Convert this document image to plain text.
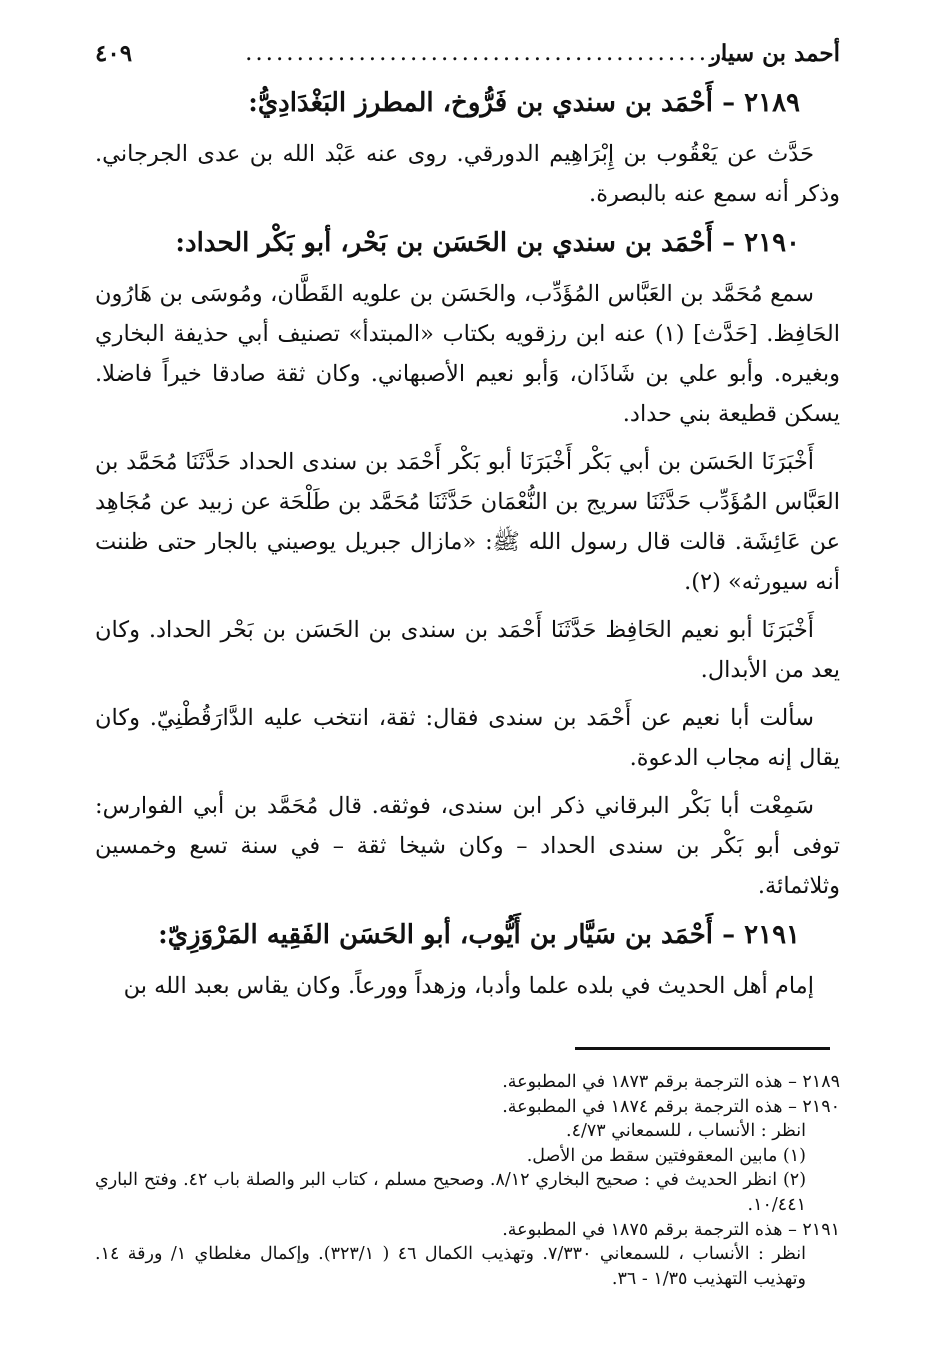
أحمد بن سيار
................................................
٤٠٩

٢١٨٩ – أَحْمَد بن سندي بن فَرُّوخ، المطرز البَغْدَادِيُّ:

حَدَّث عن يَعْقُوب بن إِبْرَاهِيم الدورقي. روى عنه عَبْد الله بن عدى الجرجاني. وذكر أنه سمع عنه بالبصرة.

٢١٩٠ – أَحْمَد بن سندي بن الحَسَن بن بَحْر، أبو بَكْر الحداد:

سمع مُحَمَّد بن العَبَّاس المُؤَدِّب، والحَسَن بن علويه القَطَّان، ومُوسَى بن هَارُون الحَافِظ. [حَدَّث] (١) عنه ابن رزقويه بكتاب «المبتدأ» تصنيف أبي حذيفة البخاري وبغيره. وأبو علي بن شَاذَان، وَأبو نعيم الأصبهاني. وكان ثقة صادقا خيراً فاضلا. يسكن قطيعة بني حداد.

أَخْبَرَنَا الحَسَن بن أبي بَكْر أَخْبَرَنَا أبو بَكْر أَحْمَد بن سندى الحداد حَدَّثَنَا مُحَمَّد بن العَبَّاس المُؤَدِّب حَدَّثَنَا سريج بن النُّعْمَان حَدَّثَنَا مُحَمَّد بن طَلْحَة عن زبيد عن مُجَاهِد عن عَائِشَة. قالت قال رسول الله ﷺ: «مازال جبريل يوصيني بالجار حتى ظننت أنه سيورثه» (٢).

أَخْبَرَنَا أبو نعيم الحَافِظ حَدَّثَنَا أَحْمَد بن سندى بن الحَسَن بن بَحْر الحداد. وكان يعد من الأبدال.

سألت أبا نعيم عن أَحْمَد بن سندى فقال: ثقة، انتخب عليه الدَّارَقُطْنِيّ. وكان يقال إنه مجاب الدعوة.

سَمِعْت أبا بَكْر البرقاني ذكر ابن سندى، فوثقه. قال مُحَمَّد بن أبي الفوارس: توفى أبو بَكْر بن سندى الحداد – وكان شيخا ثقة – في سنة تسع وخمسين وثلاثمائة.

٢١٩١ – أَحْمَد بن سَيَّار بن أَيُّوب، أبو الحَسَن الفَقِيه المَرْوَزِيّ:

إمام أهل الحديث في بلده علما وأدبا، وزهداً وورعاً. وكان يقاس بعبد الله بن

٢١٨٩ – هذه الترجمة برقم ١٨٧٣ في المطبوعة.

٢١٩٠ – هذه الترجمة برقم ١٨٧٤ في المطبوعة.

انظر : الأنساب ، للسمعاني ٤/٧٣.

(١) مابين المعقوفتين سقط من الأصل.

(٢) انظر الحديث في : صحيح البخاري ٨/١٢. وصحيح مسلم ، كتاب البر والصلة باب ٤٢. وفتح الباري ١٠/٤٤١.

٢١٩١ – هذه الترجمة برقم ١٨٧٥ في المطبوعة.

انظر : الأنساب ، للسمعاني ٧/٣٣٠. وتهذيب الكمال ٤٦ ( ٣٢٣/١). وإكمال مغلطاي ١/ ورقة ١٤. وتهذيب التهذيب ١/٣٥ - ٣٦.
